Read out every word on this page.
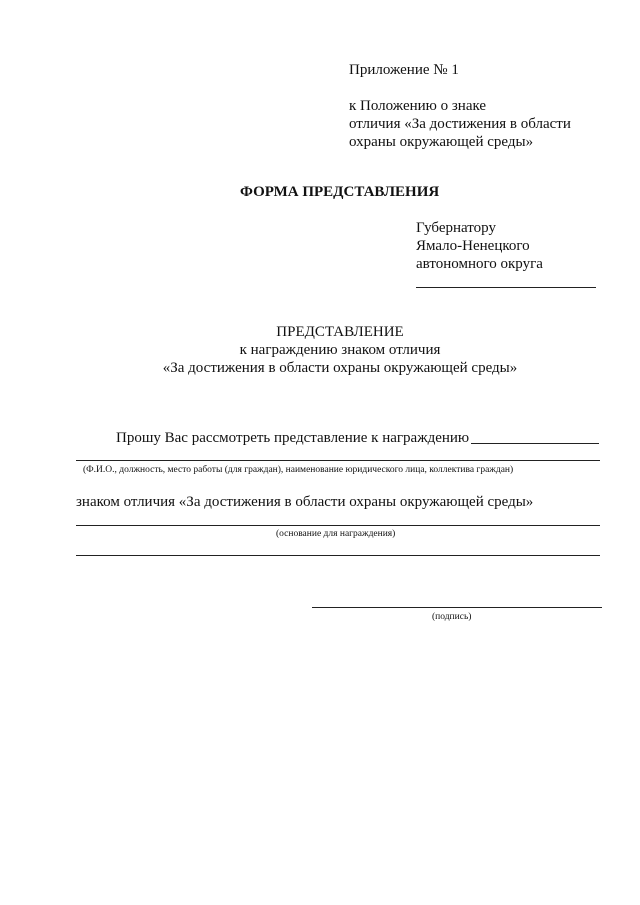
Приложение № 1
к Положению о знаке
отличия «За достижения в области
охраны окружающей среды»
ФОРМА ПРЕДСТАВЛЕНИЯ
Губернатору
Ямало-Ненецкого
автономного округа
ПРЕДСТАВЛЕНИЕ
к награждению знаком отличия
«За достижения в области охраны окружающей среды»
Прошу Вас рассмотреть представление к награждению
(Ф.И.О., должность, место работы (для граждан), наименование юридического лица, коллектива граждан)
знаком отличия «За достижения в области охраны окружающей среды»
(основание для награждения)
(подпись)
